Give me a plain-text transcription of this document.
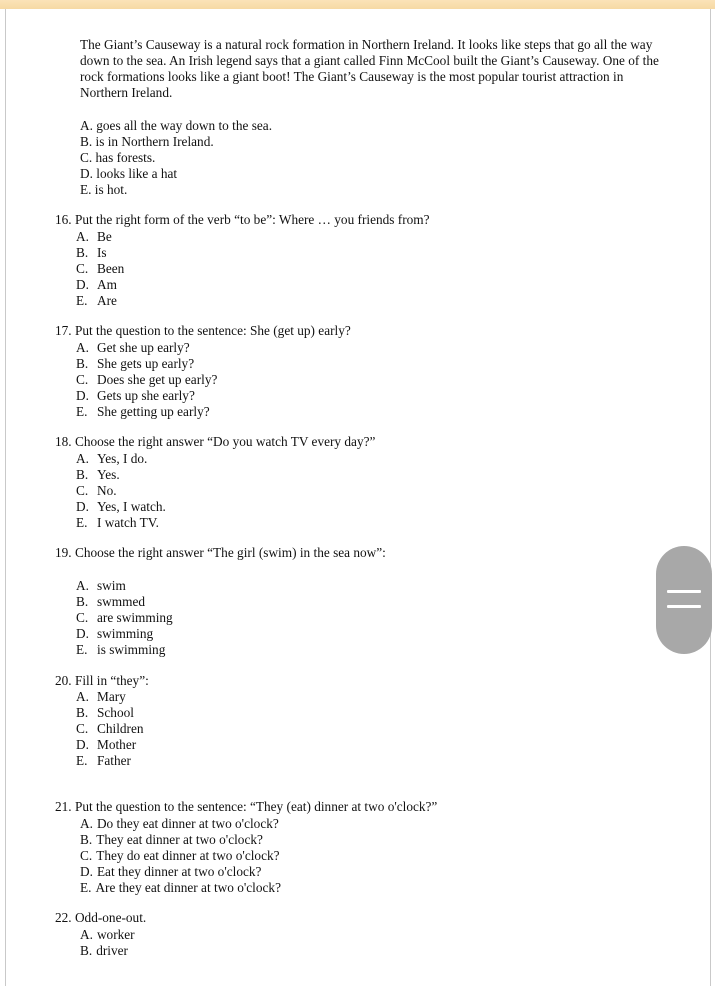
The Giant’s Causeway is a natural rock formation in Northern Ireland. It looks like steps that go all the way down to the sea. An Irish legend says that a giant called Finn McCool built the Giant’s Causeway. One of the rock formations looks like a giant boot! The Giant’s Causeway is the most popular tourist attraction in Northern Ireland.
A. goes all the way down to the sea.
B. is in Northern Ireland.
C. has forests.
D. looks like a hat
E. is hot.
16. Put the right form of the verb “to be”: Where … you friends from?
A. Be
B. Is
C. Been
D. Am
E. Are
17. Put the question to the sentence: She (get up) early?
A. Get she up early?
B. She gets up early?
C. Does she get up early?
D. Gets up she early?
E. She getting up early?
18. Choose the right answer “Do you watch TV every day?”
A. Yes, I do.
B. Yes.
C. No.
D. Yes, I watch.
E. I watch TV.
19. Choose the right answer “The girl (swim) in the sea now”:
A. swim
B. swmmed
C. are swimming
D. swimming
E. is swimming
20. Fill in “they”:
A. Mary
B. School
C. Children
D. Mother
E. Father
21. Put the question to the sentence: “They (eat) dinner at two o'clock?”
A. Do they eat dinner at two o'clock?
B. They eat dinner at two o'clock?
C. They do eat dinner at two o'clock?
D. Eat they dinner at two o'clock?
E. Are they eat dinner at two o'clock?
22. Odd-one-out.
A. worker
B. driver
